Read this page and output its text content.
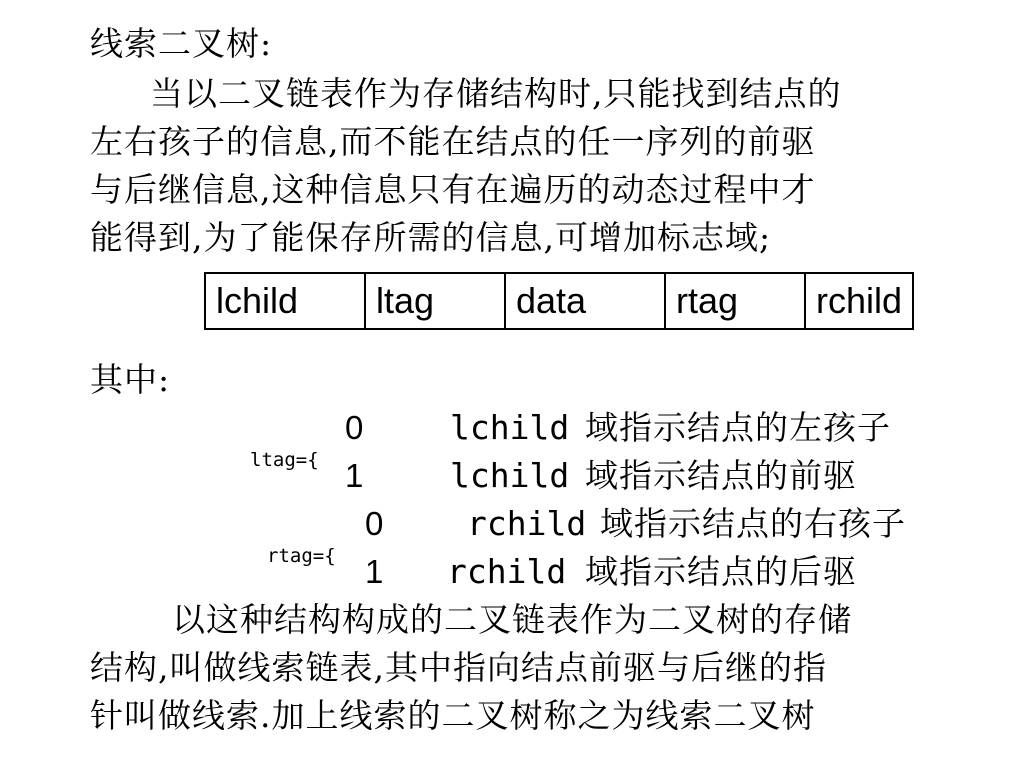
线索二叉树:
当以二叉链表作为存储结构时,只能找到结点的
左右孩子的信息,而不能在结点的任一序列的前驱
与后继信息,这种信息只有在遍历的动态过程中才
能得到,为了能保存所需的信息,可增加标志域;
lchild	ltag	data	rtag	rchild
其中:
ltag={
0	lchild 域指示结点的左孩子
1	lchild 域指示结点的前驱
rtag={
0	rchild 域指示结点的右孩子
1 rchild 域指示结点的后驱
以这种结构构成的二叉链表作为二叉树的存储
结构,叫做线索链表,其中指向结点前驱与后继的指
针叫做线索.加上线索的二叉树称之为线索二叉树
